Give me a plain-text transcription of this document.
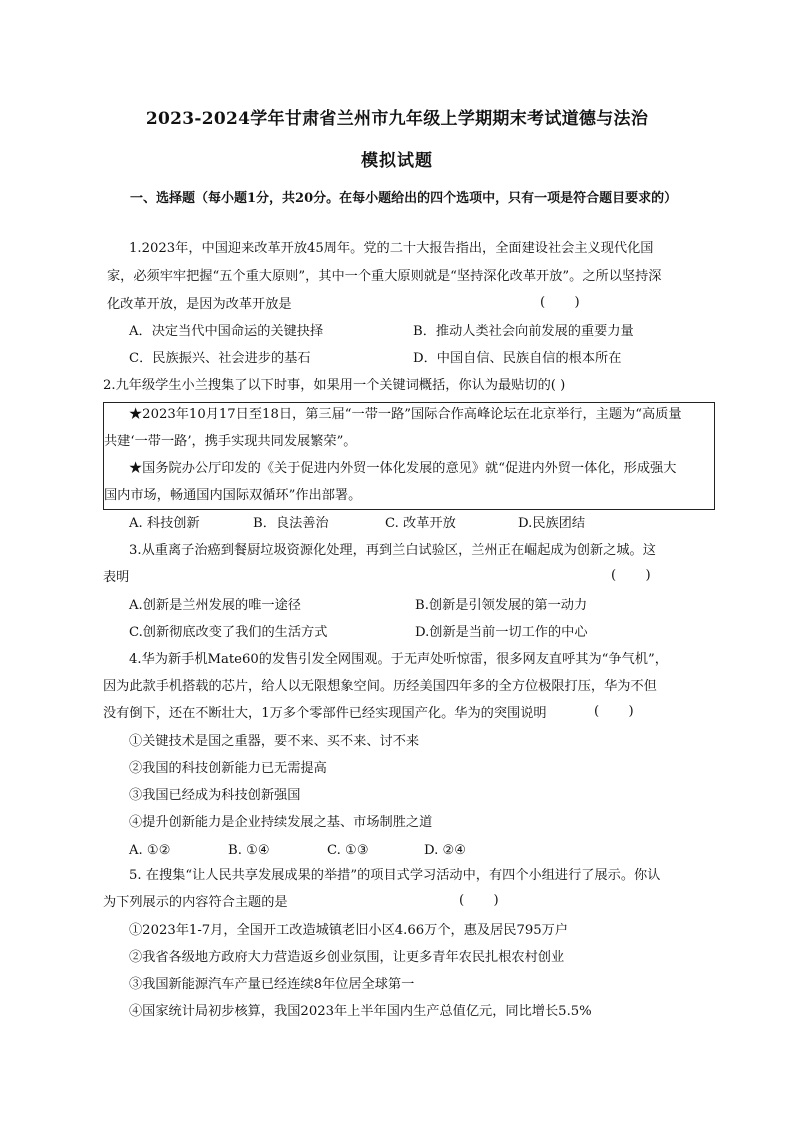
2023-2024学年甘肃省兰州市九年级上学期期末考试道德与法治
模拟试题
一、选择题（每小题1分，共20分。在每小题给出的四个选项中，只有一项是符合题目要求的）
1.2023年，中国迎来改革开放45周年。党的二十大报告指出，全面建设社会主义现代化国
家，必须牢牢把握“五个重大原则”，其中一个重大原则就是“坚持深化改革开放”。之所以坚持深
化改革开放，是因为改革开放是	(       )
A．决定当代中国命运的关键抉择	B．推动人类社会向前发展的重要力量
C．民族振兴、社会进步的基石	D．中国自信、民族自信的根本所在
2.九年级学生小兰搜集了以下时事，如果用一个关键词概括，你认为最贴切的( )
★2023年10月17日至18日，第三届“一带一路”国际合作高峰论坛在北京举行，主题为“高质量
共建‘一带一路’，携手实现共同发展繁荣”。
★国务院办公厅印发的《关于促进内外贸一体化发展的意见》就“促进内外贸一体化，形成强大
国内市场，畅通国内国际双循环”作出部署。
A. 科技创新	B．良法善治	C. 改革开放	D.民族团结
3.从重离子治癌到餐厨垃圾资源化处理，再到兰白试验区，兰州正在崛起成为创新之城。这
表明	(       )
A.创新是兰州发展的唯一途径	B.创新是引领发展的第一动力
C.创新彻底改变了我们的生活方式	D.创新是当前一切工作的中心
4.华为新手机Mate60的发售引发全网围观。于无声处听惊雷，很多网友直呼其为“争气机”，
因为此款手机搭载的芯片，给人以无限想象空间。历经美国四年多的全方位极限打压，华为不但
没有倒下，还在不断壮大，1万多个零部件已经实现国产化。华为的突围说明	(       )
①关键技术是国之重器，要不来、买不来、讨不来
②我国的科技创新能力已无需提高
③我国已经成为科技创新强国
④提升创新能力是企业持续发展之基、市场制胜之道
A. ①②	B. ①④	C. ①③	D. ②④
5. 在搜集“让人民共享发展成果的举措”的项目式学习活动中，有四个小组进行了展示。你认
为下列展示的内容符合主题的是	(       )
①2023年1-7月，全国开工改造城镇老旧小区4.66万个，惠及居民795万户
②我省各级地方政府大力营造返乡创业氛围，让更多青年农民扎根农村创业
③我国新能源汽车产量已经连续8年位居全球第一
④国家统计局初步核算，我国2023年上半年国内生产总值亿元，同比增长5.5%
